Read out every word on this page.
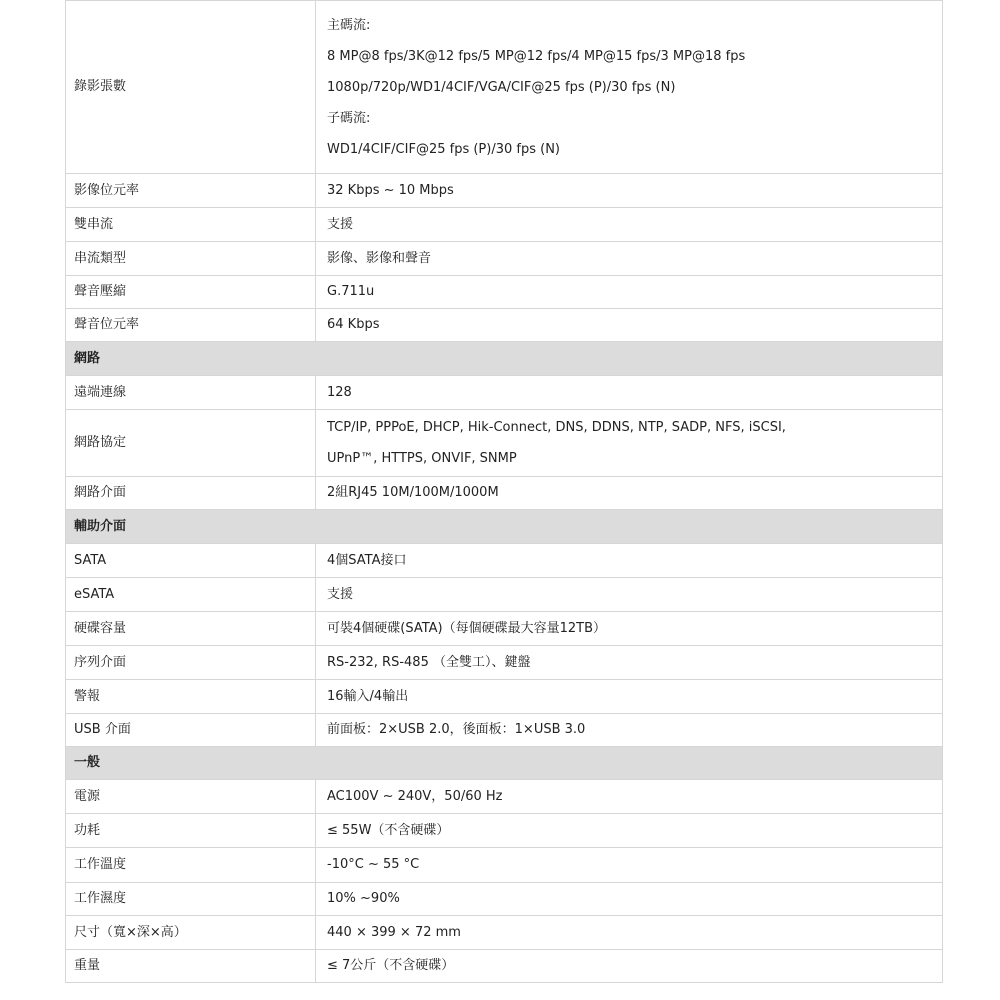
錄影張數	主碼流:
8 MP@8 fps/3K@12 fps/5 MP@12 fps/4 MP@15 fps/3 MP@18 fps
1080p/720p/WD1/4CIF/VGA/CIF@25 fps (P)/30 fps (N)
子碼流:
WD1/4CIF/CIF@25 fps (P)/30 fps (N)

影像位元率	32 Kbps ~ 10 Mbps

雙串流	支援

串流類型	影像、影像和聲音

聲音壓縮	G.711u

聲音位元率	64 Kbps

網路	
遠端連線	128

網路協定	TCP/IP, PPPoE, DHCP, Hik-Connect, DNS, DDNS, NTP, SADP, NFS, iSCSI,
UPnP™, HTTPS, ONVIF, SNMP

網路介面	2組RJ45 10M/100M/1000M

輔助介面	
SATA	4個SATA接口

eSATA	支援

硬碟容量	可裝4個硬碟(SATA)（每個硬碟最大容量12TB）

序列介面	RS-232, RS-485 （全雙工）、鍵盤

警報	16輸入/4輸出

USB 介面	前面板：2×USB 2.0，後面板：1×USB 3.0

一般	
電源	AC100V ~ 240V，50/60 Hz

功耗	≤ 55W（不含硬碟）

工作溫度	-10°C ~ 55 °C

工作濕度	10% ~90%

尺寸（寬×深×高）	440 × 399 × 72 mm

重量	≤ 7公斤（不含硬碟）
